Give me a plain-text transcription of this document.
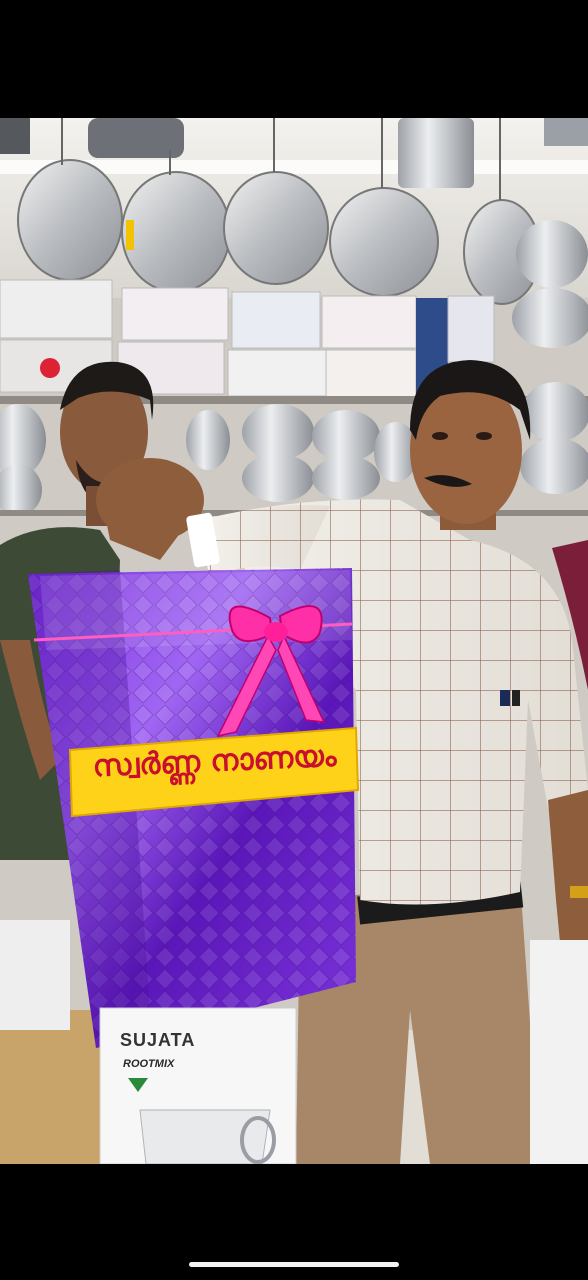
സ്വർണ്ണ നാണയം
SUJATA
ROOTMIX
